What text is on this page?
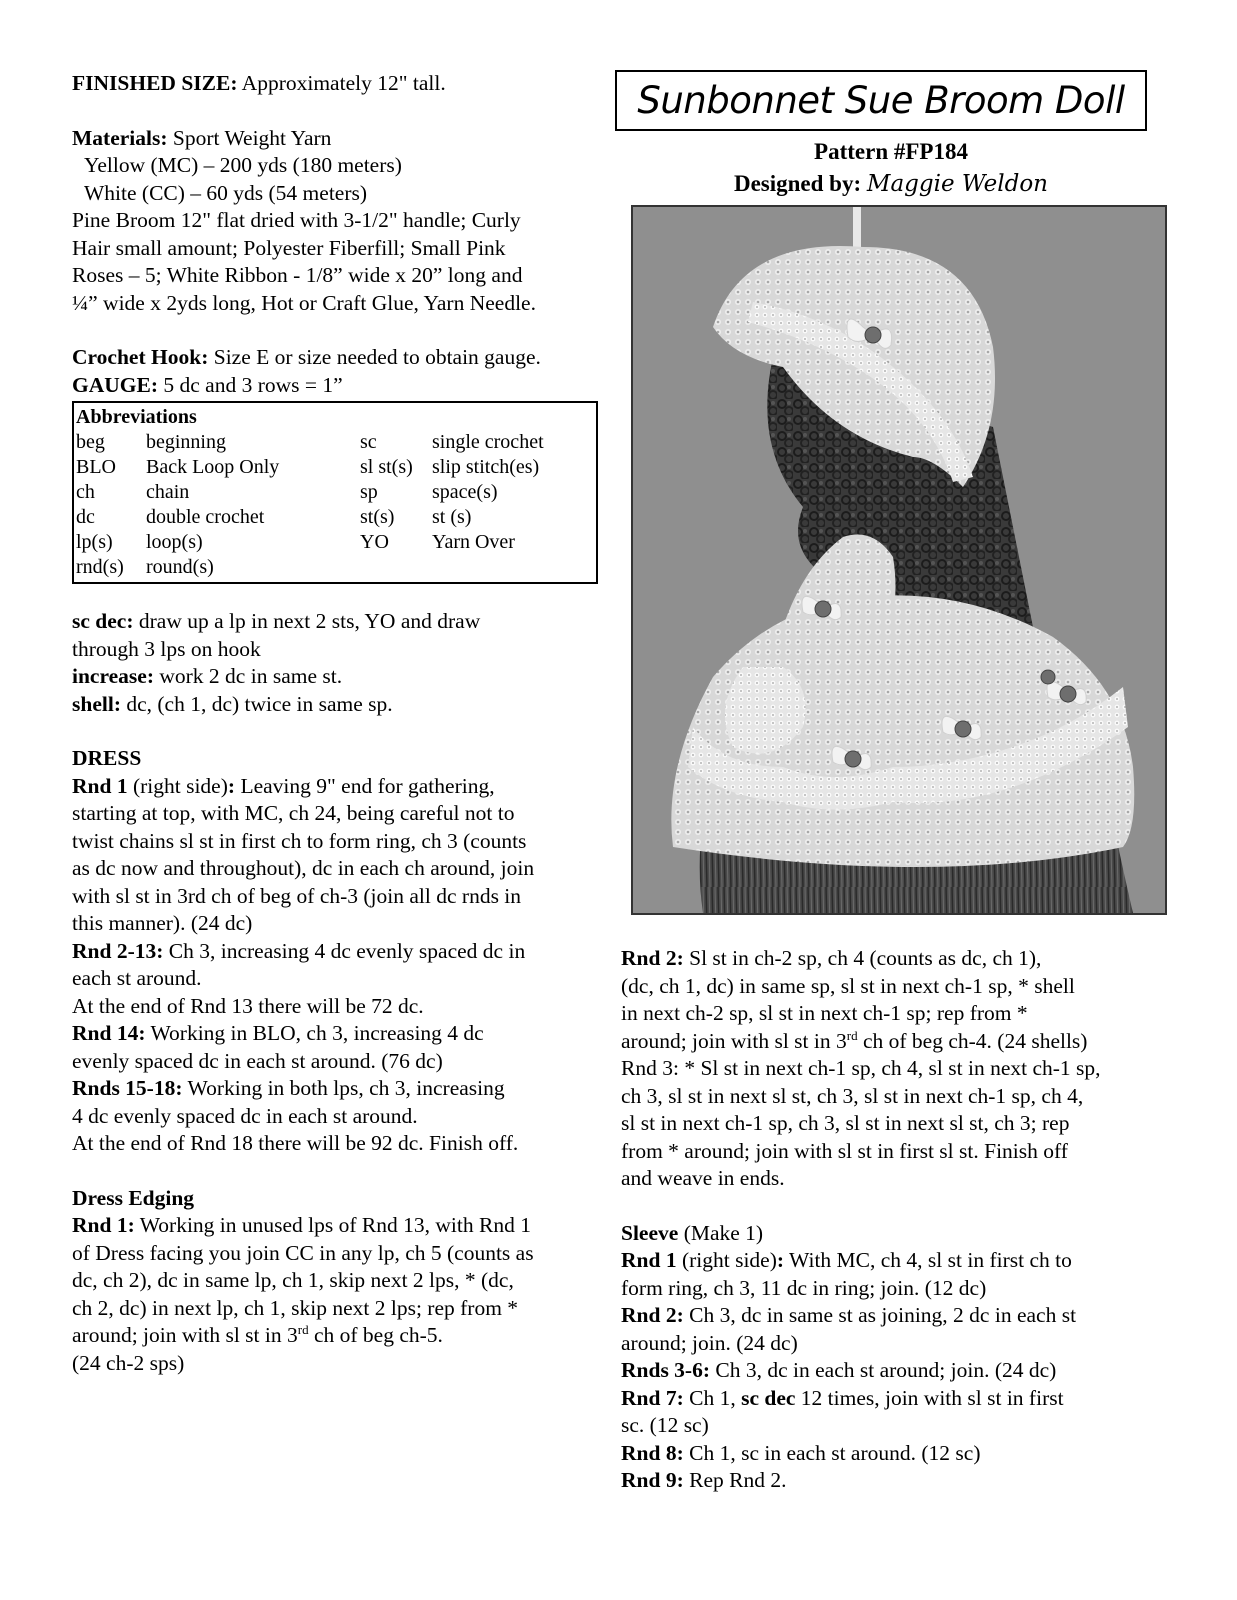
FINISHED SIZE: Approximately 12" tall.

Materials: Sport Weight Yarn

Yellow (MC) – 200 yds (180 meters)

White (CC) – 60 yds (54 meters)

Pine Broom 12" flat dried with 3-1/2" handle; Curly

Hair small amount; Polyester Fiberfill; Small Pink

Roses – 5; White Ribbon - 1/8” wide x 20” long and

¼” wide x 2yds long, Hot or Craft Glue, Yarn Needle.

Crochet Hook: Size E or size needed to obtain gauge.

GAUGE: 5 dc and 3 rows = 1”

Abbreviations
beg	beginning	sc	single crochet
BLO	Back Loop Only	sl st(s) slip stitch(es)
ch	chain	sp	space(s)
dc	double crochet	st(s)	st (s)
lp(s)	loop(s)	YO	Yarn Over
rnd(s)	round(s)

sc dec: draw up a lp in next 2 sts, YO and draw

through 3 lps on hook

increase: work 2 dc in same st.

shell: dc, (ch 1, dc) twice in same sp.

DRESS

Rnd 1 (right side): Leaving 9" end for gathering,

starting at top, with MC, ch 24, being careful not to

twist chains sl st in first ch to form ring, ch 3 (counts

as dc now and throughout), dc in each ch around, join

with sl st in 3rd ch of beg of ch-3 (join all dc rnds in

this manner). (24 dc)

Rnd 2-13: Ch 3, increasing 4 dc evenly spaced dc in

each st around.

At the end of Rnd 13 there will be 72 dc.

Rnd 14: Working in BLO, ch 3, increasing 4 dc

evenly spaced dc in each st around. (76 dc)

Rnds 15-18: Working in both lps, ch 3, increasing

4 dc evenly spaced dc in each st around.

At the end of Rnd 18 there will be 92 dc. Finish off.

Dress Edging

Rnd 1: Working in unused lps of Rnd 13, with Rnd 1

of Dress facing you join CC in any lp, ch 5 (counts as

dc, ch 2), dc in same lp, ch 1, skip next 2 lps, * (dc,

ch 2, dc) in next lp, ch 1, skip next 2 lps; rep from *

around; join with sl st in 3rd ch of beg ch-5.

(24 ch-2 sps)

Sunbonnet Sue Broom Doll
Pattern #FP184
Designed by: Maggie Weldon

Rnd 2: Sl st in ch-2 sp, ch 4 (counts as dc, ch 1),

(dc, ch 1, dc) in same sp, sl st in next ch-1 sp, * shell

in next ch-2 sp, sl st in next ch-1 sp; rep from *

around; join with sl st in 3rd ch of beg ch-4. (24 shells)

Rnd 3: * Sl st in next ch-1 sp, ch 4, sl st in next ch-1 sp,

ch 3, sl st in next sl st, ch 3, sl st in next ch-1 sp, ch 4,

sl st in next ch-1 sp, ch 3, sl st in next sl st, ch 3; rep

from * around; join with sl st in first sl st. Finish off

and weave in ends.

Sleeve (Make 1)

Rnd 1 (right side): With MC, ch 4, sl st in first ch to

form ring, ch 3, 11 dc in ring; join. (12 dc)

Rnd 2: Ch 3, dc in same st as joining, 2 dc in each st

around; join. (24 dc)

Rnds 3-6: Ch 3, dc in each st around; join. (24 dc)

Rnd 7: Ch 1, sc dec 12 times, join with sl st in first

sc. (12 sc)

Rnd 8: Ch 1, sc in each st around. (12 sc)

Rnd 9: Rep Rnd 2.
